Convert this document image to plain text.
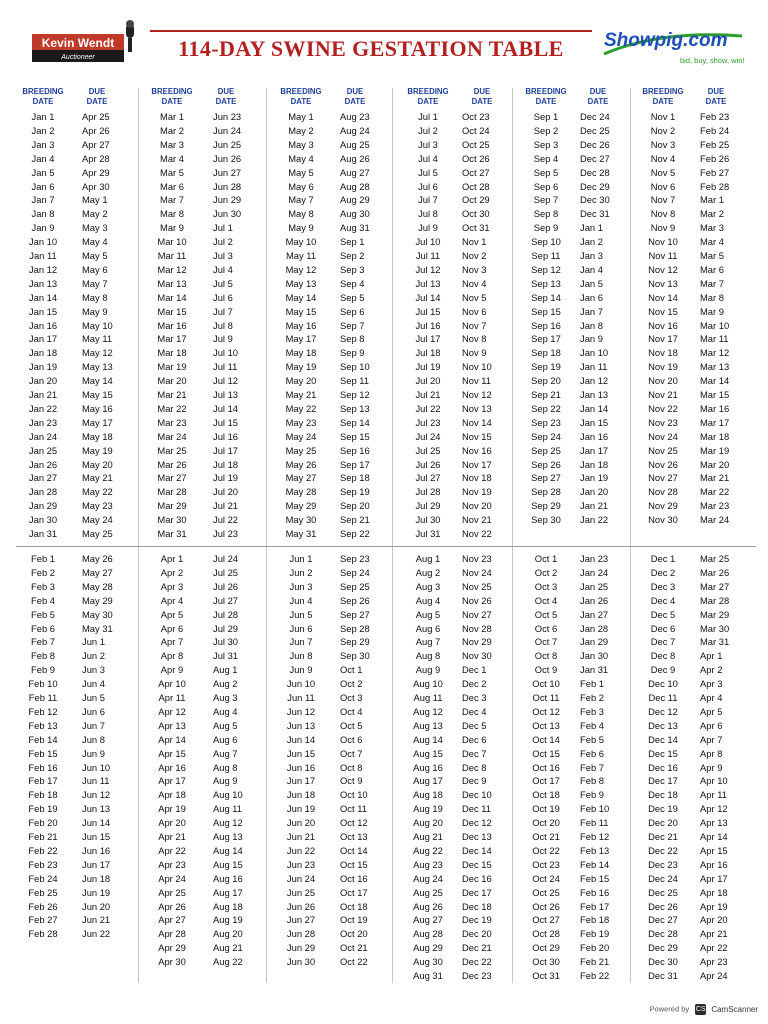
Kevin Wendt
Auctioneer	114-DAY SWINE GESTATION TABLE	Showpig.com
bid, buy, show, win!
BREEDING
DATE
DUE
DATE
Jan 1	Apr 25
Jan 2	Apr 26
Jan 3	Apr 27
Jan 4	Apr 28
Jan 5	Apr 29
Jan 6	Apr 30
Jan 7	May 1
Jan 8	May 2
Jan 9	May 3
Jan 10	May 4
Jan 11	May 5
Jan 12	May 6
Jan 13	May 7
Jan 14	May 8
Jan 15	May 9
Jan 16	May 10
Jan 17	May 11
Jan 18	May 12
Jan 19	May 13
Jan 20	May 14
Jan 21	May 15
Jan 22	May 16
Jan 23	May 17
Jan 24	May 18
Jan 25	May 19
Jan 26	May 20
Jan 27	May 21
Jan 28	May 22
Jan 29	May 23
Jan 30	May 24
Jan 31	May 25
Feb 1	May 26
Feb 2	May 27
Feb 3	May 28
Feb 4	May 29
Feb 5	May 30
Feb 6	May 31
Feb 7	Jun 1
Feb 8	Jun 2
Feb 9	Jun 3
Feb 10	Jun 4
Feb 11	Jun 5
Feb 12	Jun 6
Feb 13	Jun 7
Feb 14	Jun 8
Feb 15	Jun 9
Feb 16	Jun 10
Feb 17	Jun 11
Feb 18	Jun 12
Feb 19	Jun 13
Feb 20	Jun 14
Feb 21	Jun 15
Feb 22	Jun 16
Feb 23	Jun 17
Feb 24	Jun 18
Feb 25	Jun 19
Feb 26	Jun 20
Feb 27	Jun 21
Feb 28	Jun 22
BREEDING
DATE
DUE
DATE
Mar 1	Jun 23
Mar 2	Jun 24
Mar 3	Jun 25
Mar 4	Jun 26
Mar 5	Jun 27
Mar 6	Jun 28
Mar 7	Jun 29
Mar 8	Jun 30
Mar 9	Jul 1
Mar 10	Jul 2
Mar 11	Jul 3
Mar 12	Jul 4
Mar 13	Jul 5
Mar 14	Jul 6
Mar 15	Jul 7
Mar 16	Jul 8
Mar 17	Jul 9
Mar 18	Jul 10
Mar 19	Jul 11
Mar 20	Jul 12
Mar 21	Jul 13
Mar 22	Jul 14
Mar 23	Jul 15
Mar 24	Jul 16
Mar 25	Jul 17
Mar 26	Jul 18
Mar 27	Jul 19
Mar 28	Jul 20
Mar 29	Jul 21
Mar 30	Jul 22
Mar 31	Jul 23
Apr 1	Jul 24
Apr 2	Jul 25
Apr 3	Jul 26
Apr 4	Jul 27
Apr 5	Jul 28
Apr 6	Jul 29
Apr 7	Jul 30
Apr 8	Jul 31
Apr 9	Aug 1
Apr 10	Aug 2
Apr 11	Aug 3
Apr 12	Aug 4
Apr 13	Aug 5
Apr 14	Aug 6
Apr 15	Aug 7
Apr 16	Aug 8
Apr 17	Aug 9
Apr 18	Aug 10
Apr 19	Aug 11
Apr 20	Aug 12
Apr 21	Aug 13
Apr 22	Aug 14
Apr 23	Aug 15
Apr 24	Aug 16
Apr 25	Aug 17
Apr 26	Aug 18
Apr 27	Aug 19
Apr 28	Aug 20
Apr 29	Aug 21
Apr 30	Aug 22
BREEDING
DATE
DUE
DATE
May 1	Aug 23
May 2	Aug 24
May 3	Aug 25
May 4	Aug 26
May 5	Aug 27
May 6	Aug 28
May 7	Aug 29
May 8	Aug 30
May 9	Aug 31
May 10	Sep 1
May 11	Sep 2
May 12	Sep 3
May 13	Sep 4
May 14	Sep 5
May 15	Sep 6
May 16	Sep 7
May 17	Sep 8
May 18	Sep 9
May 19	Sep 10
May 20	Sep 11
May 21	Sep 12
May 22	Sep 13
May 23	Sep 14
May 24	Sep 15
May 25	Sep 16
May 26	Sep 17
May 27	Sep 18
May 28	Sep 19
May 29	Sep 20
May 30	Sep 21
May 31	Sep 22
Jun 1	Sep 23
Jun 2	Sep 24
Jun 3	Sep 25
Jun 4	Sep 26
Jun 5	Sep 27
Jun 6	Sep 28
Jun 7	Sep 29
Jun 8	Sep 30
Jun 9	Oct 1
Jun 10	Oct 2
Jun 11	Oct 3
Jun 12	Oct 4
Jun 13	Oct 5
Jun 14	Oct 6
Jun 15	Oct 7
Jun 16	Oct 8
Jun 17	Oct 9
Jun 18	Oct 10
Jun 19	Oct 11
Jun 20	Oct 12
Jun 21	Oct 13
Jun 22	Oct 14
Jun 23	Oct 15
Jun 24	Oct 16
Jun 25	Oct 17
Jun 26	Oct 18
Jun 27	Oct 19
Jun 28	Oct 20
Jun 29	Oct 21
Jun 30	Oct 22
BREEDING
DATE
DUE
DATE
Jul 1	Oct 23
Jul 2	Oct 24
Jul 3	Oct 25
Jul 4	Oct 26
Jul 5	Oct 27
Jul 6	Oct 28
Jul 7	Oct 29
Jul 8	Oct 30
Jul 9	Oct 31
Jul 10	Nov 1
Jul 11	Nov 2
Jul 12	Nov 3
Jul 13	Nov 4
Jul 14	Nov 5
Jul 15	Nov 6
Jul 16	Nov 7
Jul 17	Nov 8
Jul 18	Nov 9
Jul 19	Nov 10
Jul 20	Nov 11
Jul 21	Nov 12
Jul 22	Nov 13
Jul 23	Nov 14
Jul 24	Nov 15
Jul 25	Nov 16
Jul 26	Nov 17
Jul 27	Nov 18
Jul 28	Nov 19
Jul 29	Nov 20
Jul 30	Nov 21
Jul 31	Nov 22
Aug 1	Nov 23
Aug 2	Nov 24
Aug 3	Nov 25
Aug 4	Nov 26
Aug 5	Nov 27
Aug 6	Nov 28
Aug 7	Nov 29
Aug 8	Nov 30
Aug 9	Dec 1
Aug 10	Dec 2
Aug 11	Dec 3
Aug 12	Dec 4
Aug 13	Dec 5
Aug 14	Dec 6
Aug 15	Dec 7
Aug 16	Dec 8
Aug 17	Dec 9
Aug 18	Dec 10
Aug 19	Dec 11
Aug 20	Dec 12
Aug 21	Dec 13
Aug 22	Dec 14
Aug 23	Dec 15
Aug 24	Dec 16
Aug 25	Dec 17
Aug 26	Dec 18
Aug 27	Dec 19
Aug 28	Dec 20
Aug 29	Dec 21
Aug 30	Dec 22
Aug 31	Dec 23
BREEDING
DATE
DUE
DATE
Sep 1	Dec 24
Sep 2	Dec 25
Sep 3	Dec 26
Sep 4	Dec 27
Sep 5	Dec 28
Sep 6	Dec 29
Sep 7	Dec 30
Sep 8	Dec 31
Sep 9	Jan 1
Sep 10	Jan 2
Sep 11	Jan 3
Sep 12	Jan 4
Sep 13	Jan 5
Sep 14	Jan 6
Sep 15	Jan 7
Sep 16	Jan 8
Sep 17	Jan 9
Sep 18	Jan 10
Sep 19	Jan 11
Sep 20	Jan 12
Sep 21	Jan 13
Sep 22	Jan 14
Sep 23	Jan 15
Sep 24	Jan 16
Sep 25	Jan 17
Sep 26	Jan 18
Sep 27	Jan 19
Sep 28	Jan 20
Sep 29	Jan 21
Sep 30	Jan 22
Oct 1	Jan 23
Oct 2	Jan 24
Oct 3	Jan 25
Oct 4	Jan 26
Oct 5	Jan 27
Oct 6	Jan 28
Oct 7	Jan 29
Oct 8	Jan 30
Oct 9	Jan 31
Oct 10	Feb 1
Oct 11	Feb 2
Oct 12	Feb 3
Oct 13	Feb 4
Oct 14	Feb 5
Oct 15	Feb 6
Oct 16	Feb 7
Oct 17	Feb 8
Oct 18	Feb 9
Oct 19	Feb 10
Oct 20	Feb 11
Oct 21	Feb 12
Oct 22	Feb 13
Oct 23	Feb 14
Oct 24	Feb 15
Oct 25	Feb 16
Oct 26	Feb 17
Oct 27	Feb 18
Oct 28	Feb 19
Oct 29	Feb 20
Oct 30	Feb 21
Oct 31	Feb 22
BREEDING
DATE
DUE
DATE
Nov 1	Feb 23
Nov 2	Feb 24
Nov 3	Feb 25
Nov 4	Feb 26
Nov 5	Feb 27
Nov 6	Feb 28
Nov 7	Mar 1
Nov 8	Mar 2
Nov 9	Mar 3
Nov 10	Mar 4
Nov 11	Mar 5
Nov 12	Mar 6
Nov 13	Mar 7
Nov 14	Mar 8
Nov 15	Mar 9
Nov 16	Mar 10
Nov 17	Mar 11
Nov 18	Mar 12
Nov 19	Mar 13
Nov 20	Mar 14
Nov 21	Mar 15
Nov 22	Mar 16
Nov 23	Mar 17
Nov 24	Mar 18
Nov 25	Mar 19
Nov 26	Mar 20
Nov 27	Mar 21
Nov 28	Mar 22
Nov 29	Mar 23
Nov 30	Mar 24
Dec 1	Mar 25
Dec 2	Mar 26
Dec 3	Mar 27
Dec 4	Mar 28
Dec 5	Mar 29
Dec 6	Mar 30
Dec 7	Mar 31
Dec 8	Apr 1
Dec 9	Apr 2
Dec 10	Apr 3
Dec 11	Apr 4
Dec 12	Apr 5
Dec 13	Apr 6
Dec 14	Apr 7
Dec 15	Apr 8
Dec 16	Apr 9
Dec 17	Apr 10
Dec 18	Apr 11
Dec 19	Apr 12
Dec 20	Apr 13
Dec 21	Apr 14
Dec 22	Apr 15
Dec 23	Apr 16
Dec 24	Apr 17
Dec 25	Apr 18
Dec 26	Apr 19
Dec 27	Apr 20
Dec 28	Apr 21
Dec 29	Apr 22
Dec 30	Apr 23
Dec 31	Apr 24
Powered by CS CamScanner
